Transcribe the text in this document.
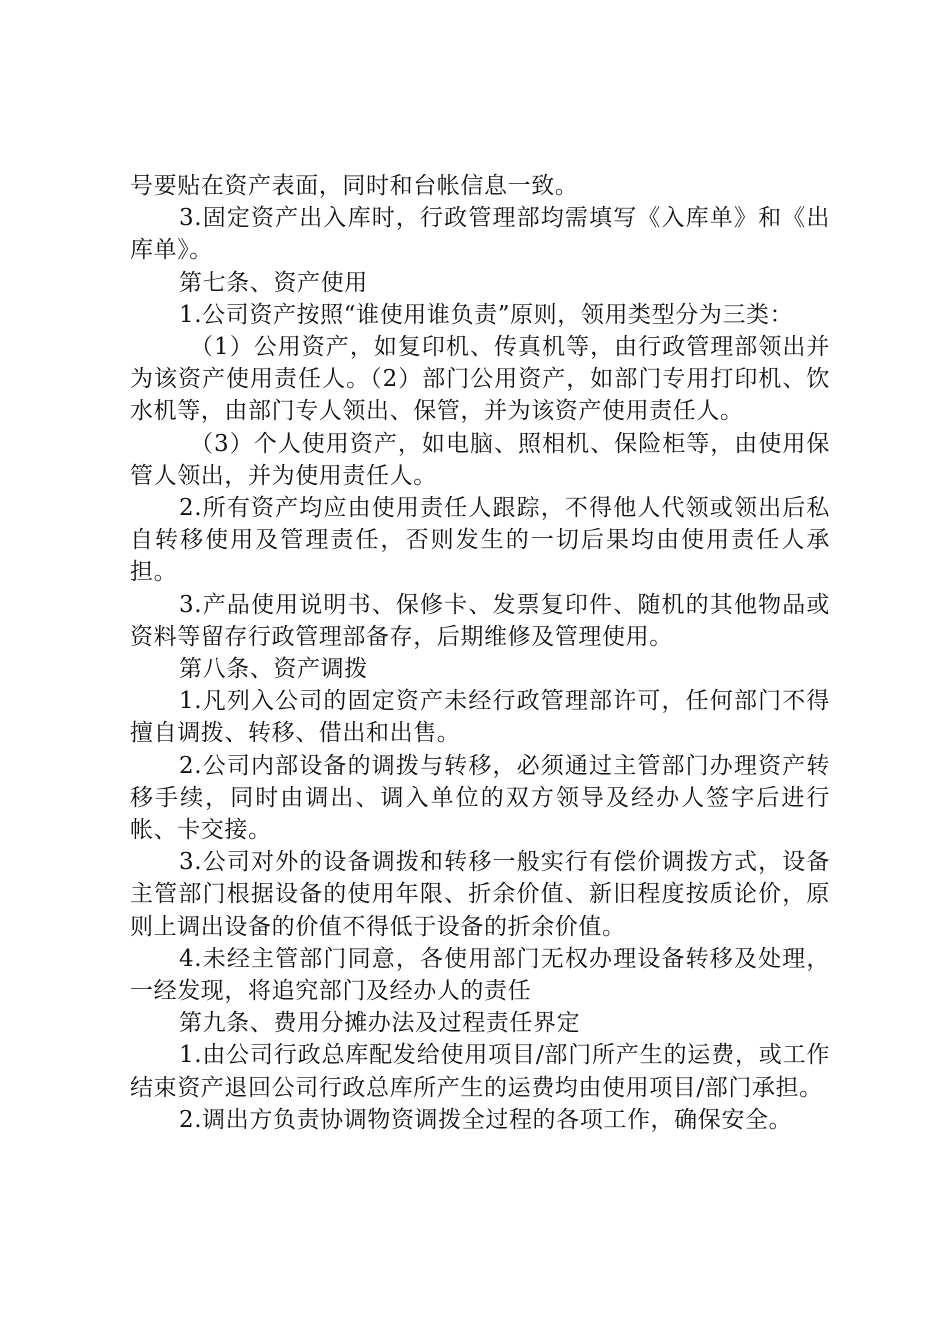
号要贴在资产表面，同时和台帐信息一致。

3.固定资产出入库时，行政管理部均需填写《入库单》和《出库单》。

第七条、资产使用

1.公司资产按照“谁使用谁负责”原则，领用类型分为三类：

（1）公用资产，如复印机、传真机等，由行政管理部领出并为该资产使用责任人。（2）部门公用资产，如部门专用打印机、饮水机等，由部门专人领出、保管，并为该资产使用责任人。

（3）个人使用资产，如电脑、照相机、保险柜等，由使用保管人领出，并为使用责任人。

2.所有资产均应由使用责任人跟踪，不得他人代领或领出后私自转移使用及管理责任，否则发生的一切后果均由使用责任人承担。

3.产品使用说明书、保修卡、发票复印件、随机的其他物品或资料等留存行政管理部备存，后期维修及管理使用。

第八条、资产调拨

1.凡列入公司的固定资产未经行政管理部许可，任何部门不得擅自调拨、转移、借出和出售。

2.公司内部设备的调拨与转移，必须通过主管部门办理资产转移手续，同时由调出、调入单位的双方领导及经办人签字后进行帐、卡交接。

3.公司对外的设备调拨和转移一般实行有偿价调拨方式，设备主管部门根据设备的使用年限、折余价值、新旧程度按质论价，原则上调出设备的价值不得低于设备的折余价值。

4.未经主管部门同意，各使用部门无权办理设备转移及处理，一经发现，将追究部门及经办人的责任

第九条、费用分摊办法及过程责任界定

1.由公司行政总库配发给使用项目/部门所产生的运费，或工作结束资产退回公司行政总库所产生的运费均由使用项目/部门承担。

2.调出方负责协调物资调拨全过程的各项工作，确保安全。
